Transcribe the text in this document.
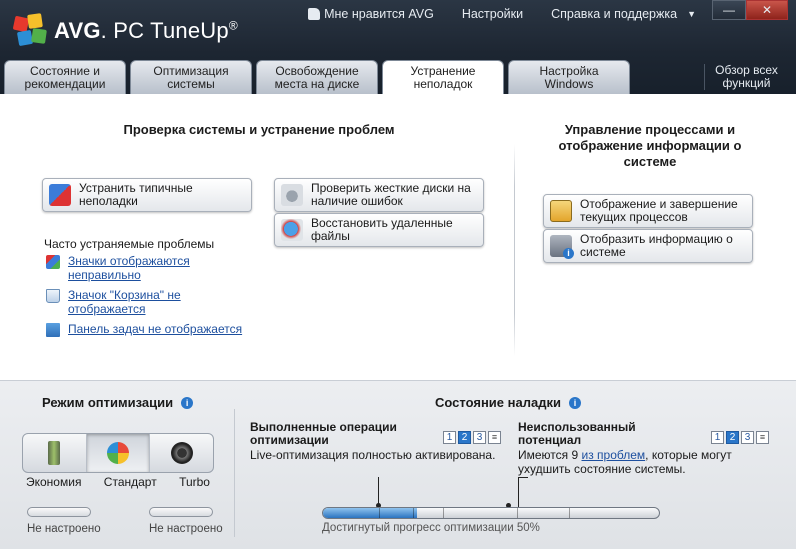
AVG. PC TuneUp®
Мне нравится AVG Настройки Справка и поддержка ▼	—	✕
Состояние и
рекомендации
Оптимизация
системы
Освобождение
места на диске
Устранение
неполадок
Настройка
Windows
Обзор всех
функций
Проверка системы и устранение проблем
Устранить типичные
неполадки
Проверить жесткие диски на
наличие ошибок
Восстановить удаленные
файлы
Часто устраняемые проблемы
Значки отображаются
неправильно
Значок "Корзина" не
отображается
Панель задач не отображается
Управление процессами и
отображение информации о
системе
Отображение и завершение
текущих процессов
i
Отобразить информацию о
системе
Режим оптимизации	i
Экономия Стандарт Turbo
Не настроено	Не настроено
Состояние наладки	i
Выполненные операции
оптимизации	1 2 3	≡
Live-оптимизация полностью активирована.
Неиспользованный
потенциал	1 2 3	≡
Имеются 9 из проблем, которые могут
ухудшить состояние системы.
Достигнутый прогресс оптимизации 50%
